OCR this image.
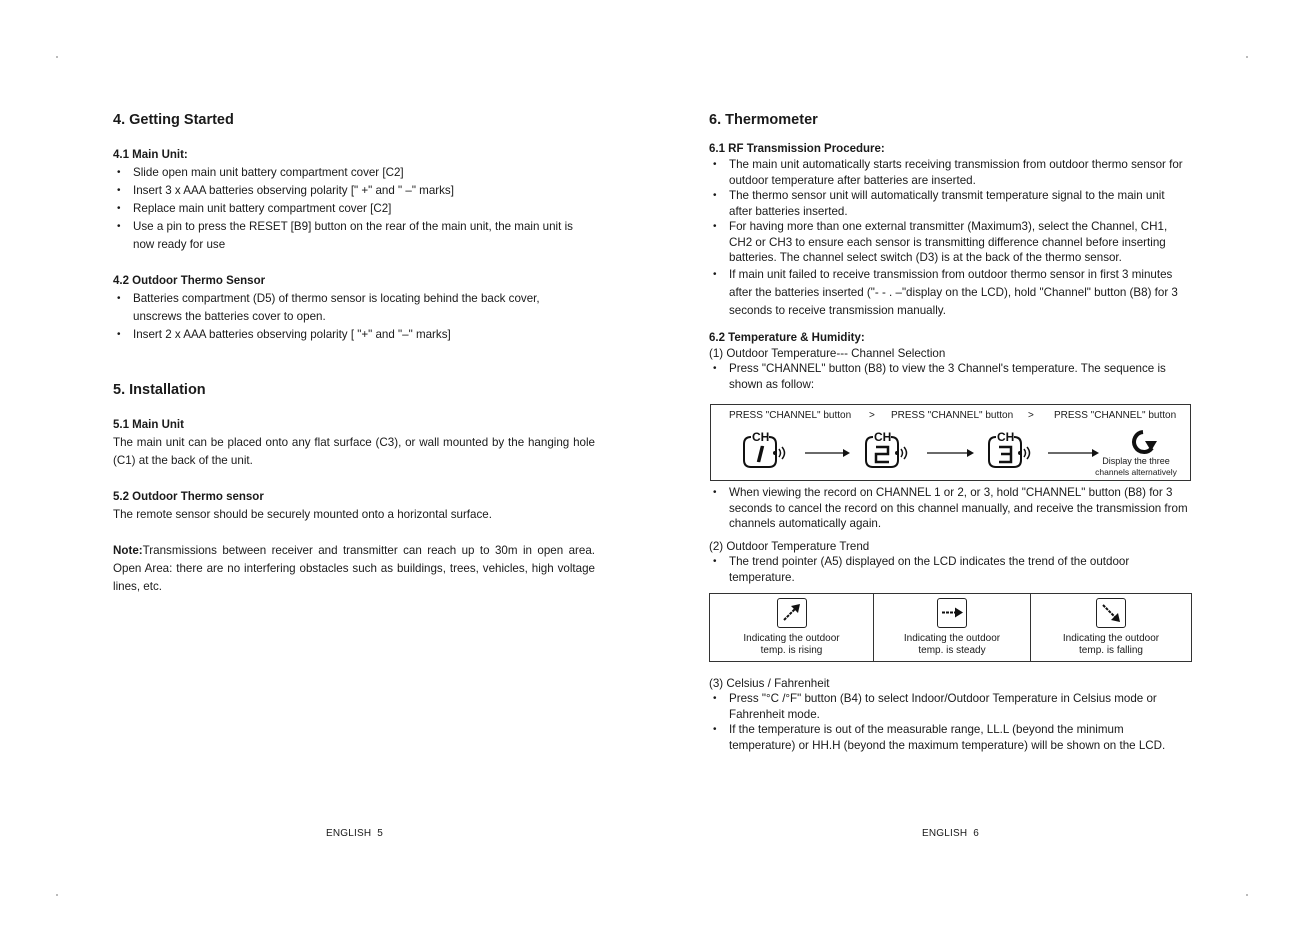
4. Getting Started
4.1 Main Unit:
• Slide open main unit battery compartment cover [C2]
• Insert 3 x AAA batteries observing polarity [" +" and " –" marks]
• Replace main unit battery compartment cover [C2]
• Use a pin to press the RESET [B9] button on the rear of the main unit, the main unit is now ready for use
4.2 Outdoor Thermo Sensor
• Batteries compartment (D5) of thermo sensor is locating behind the back cover, unscrews the batteries cover to open.
• Insert 2 x AAA batteries observing polarity [ "+" and "–" marks]
5. Installation
5.1 Main Unit
The main unit can be placed onto any flat surface (C3), or wall mounted by the hanging hole (C1) at the back of the unit.
5.2 Outdoor Thermo sensor
The remote sensor should be securely mounted onto a horizontal surface.
Note:Transmissions between receiver and transmitter can reach up to 30m in open area. Open Area: there are no interfering obstacles such as buildings, trees, vehicles, high voltage lines, etc.
ENGLISH  5
6. Thermometer
6.1 RF Transmission Procedure:
• The main unit automatically starts receiving transmission from outdoor thermo sensor for outdoor temperature after batteries are inserted.
• The thermo sensor unit will automatically transmit temperature signal to the main unit after batteries inserted.
• For having more than one external transmitter (Maximum3), select the Channel, CH1, CH2 or CH3 to ensure each sensor is transmitting difference channel before inserting batteries. The channel select switch (D3) is at the back of the thermo sensor.
• If main unit failed to receive transmission from outdoor thermo sensor in first 3 minutes after the batteries inserted ("- - . –"display on the LCD), hold "Channel" button (B8) for 3 seconds to receive transmission manually.
6.2 Temperature & Humidity:
(1) Outdoor Temperature--- Channel Selection
• Press "CHANNEL" button (B8) to view the 3 Channel's temperature. The sequence is shown as follow:
PRESS "CHANNEL" button > PRESS "CHANNEL" button > PRESS "CHANNEL" button
CH	CH	CH
Display the three
channels alternatively
• When viewing the record on CHANNEL 1 or 2, or 3, hold "CHANNEL" button (B8) for 3 seconds to cancel the record on this channel manually, and receive the transmission from channels automatically again.
(2) Outdoor Temperature Trend
• The trend pointer (A5) displayed on the LCD indicates the trend of the outdoor temperature.
Indicating the outdoor
temp. is rising
Indicating the outdoor
temp. is steady
Indicating the outdoor
temp. is falling
(3) Celsius / Fahrenheit
• Press "°C /°F" button (B4) to select Indoor/Outdoor Temperature in Celsius mode or Fahrenheit mode.
• If the temperature is out of the measurable range, LL.L (beyond the minimum temperature) or HH.H (beyond the maximum temperature) will be shown on the LCD.
ENGLISH  6
